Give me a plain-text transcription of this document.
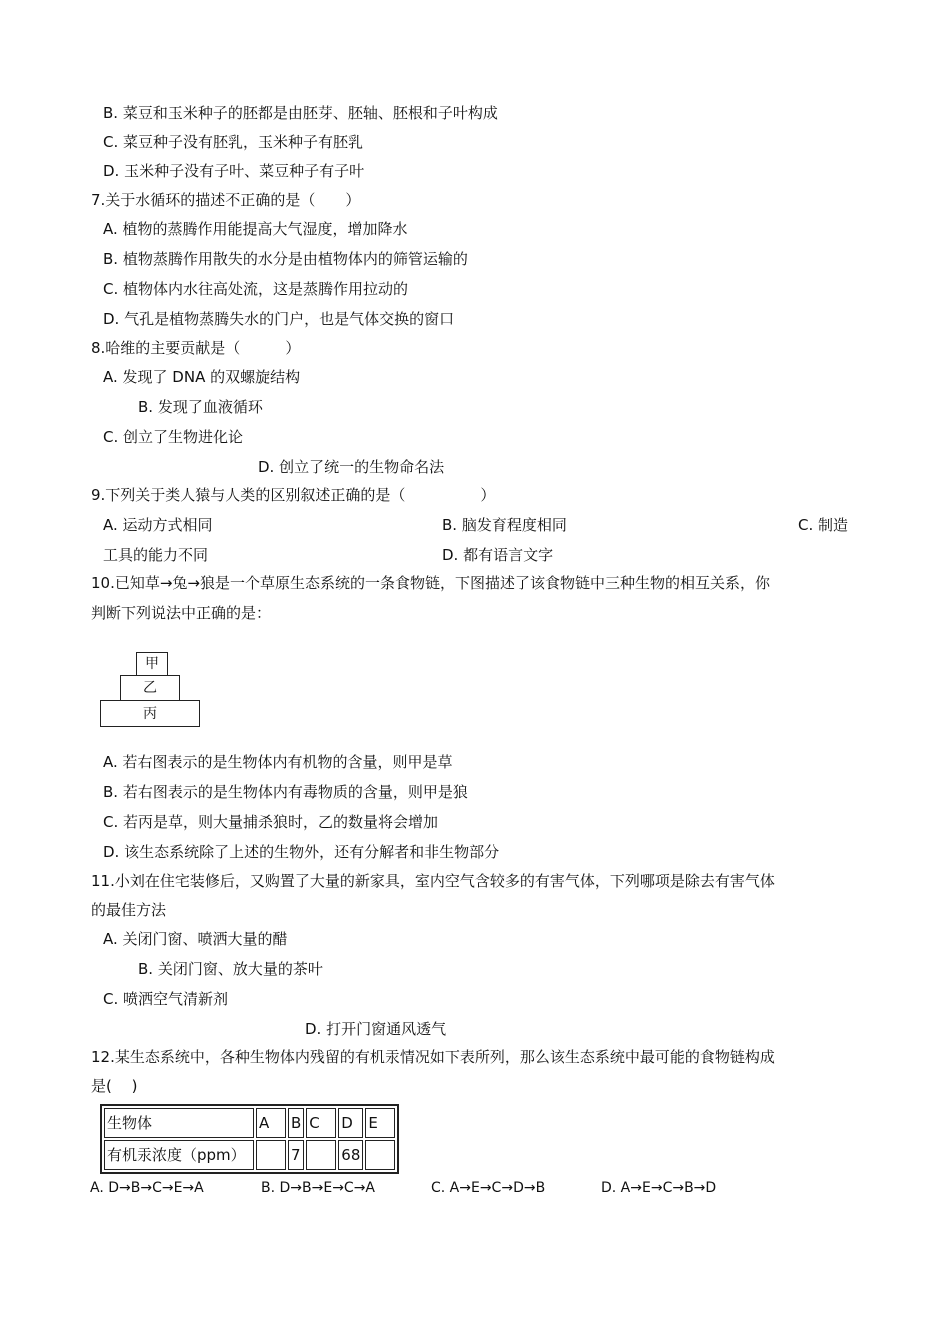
B. 菜豆和玉米种子的胚都是由胚芽、胚轴、胚根和子叶构成
C. 菜豆种子没有胚乳，玉米种子有胚乳
D. 玉米种子没有子叶、菜豆种子有子叶
7.关于水循环的描述不正确的是（　　）
A. 植物的蒸腾作用能提高大气湿度，增加降水
B. 植物蒸腾作用散失的水分是由植物体内的筛管运输的
C. 植物体内水往高处流，这是蒸腾作用拉动的
D. 气孔是植物蒸腾失水的门户，也是气体交换的窗口
8.哈维的主要贡献是（　　　）
A. 发现了 DNA 的双螺旋结构
B. 发现了血液循环
C. 创立了生物进化论
D. 创立了统一的生物命名法
9.下列关于类人猿与人类的区别叙述正确的是（　　　　　）
A. 运动方式相同	B. 脑发育程度相同	C. 制造
工具的能力不同	D. 都有语言文字
10.已知草→兔→狼是一个草原生态系统的一条食物链，下图描述了该食物链中三种生物的相互关系，你
判断下列说法中正确的是：
甲
乙
丙
A. 若右图表示的是生物体内有机物的含量，则甲是草
B. 若右图表示的是生物体内有毒物质的含量，则甲是狼
C. 若丙是草，则大量捕杀狼时，乙的数量将会增加
D. 该生态系统除了上述的生物外，还有分解者和非生物部分
11.小刘在住宅装修后，又购置了大量的新家具，室内空气含较多的有害气体，下列哪项是除去有害气体
的最佳方法
A. 关闭门窗、喷洒大量的醋
B. 关闭门窗、放大量的茶叶
C. 喷洒空气清新剂
D. 打开门窗通风透气
12.某生态系统中，各种生物体内残留的有机汞情况如下表所列，那么该生态系统中最可能的食物链构成
是(　 )
生物体	A	B	C	D	E
有机汞浓度（ppm）		7		68	
A. D→B→C→E→A	B. D→B→E→C→A	C. A→E→C→D→B	D. A→E→C→B→D
